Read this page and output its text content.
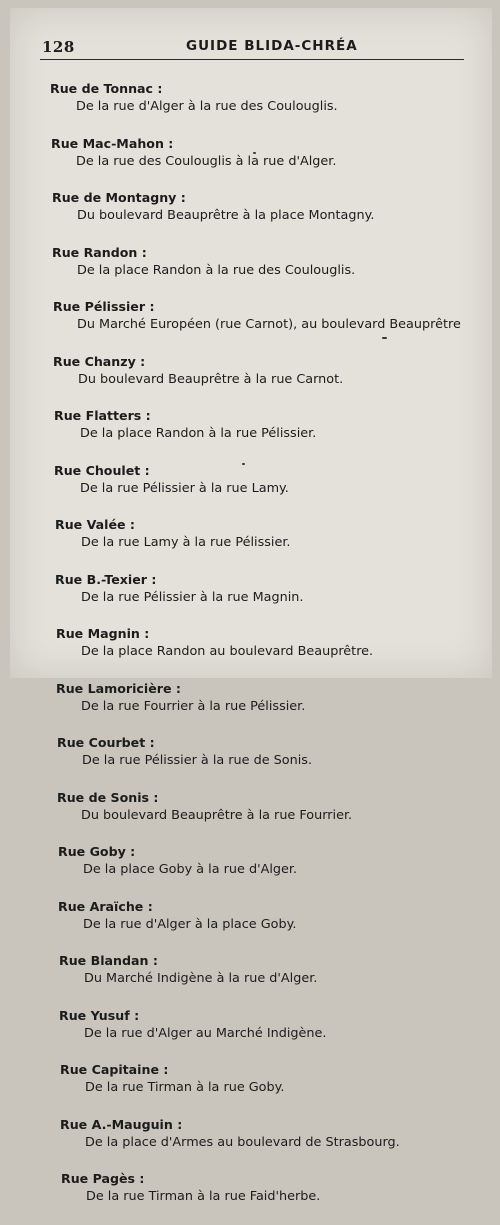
128	GUIDE BLIDA-CHRÉA
Rue de Tonnac :
De la rue d'Alger à la rue des Coulouglis.
Rue Mac-Mahon :
De la rue des Coulouglis à la rue d'Alger.
Rue de Montagny :
Du boulevard Beauprêtre à la place Montagny.
Rue Randon :
De la place Randon à la rue des Coulouglis.
Rue Pélissier :
Du Marché Européen (rue Carnot), au boulevard Beauprêtre
Rue Chanzy :
Du boulevard Beauprêtre à la rue Carnot.
Rue Flatters :
De la place Randon à la rue Pélissier.
Rue Choulet :
De la rue Pélissier à la rue Lamy.
Rue Valée :
De la rue Lamy à la rue Pélissier.
Rue B.-Texier :
De la rue Pélissier à la rue Magnin.
Rue Magnin :
De la place Randon au boulevard Beauprêtre.
Rue Lamoricière :
De la rue Fourrier à la rue Pélissier.
Rue Courbet :
De la rue Pélissier à la rue de Sonis.
Rue de Sonis :
Du boulevard Beauprêtre à la rue Fourrier.
Rue Goby :
De la place Goby à la rue d'Alger.
Rue Araïche :
De la rue d'Alger à la place Goby.
Rue Blandan :
Du Marché Indigène à la rue d'Alger.
Rue Yusuf :
De la rue d'Alger au Marché Indigène.
Rue Capitaine :
De la rue Tirman à la rue Goby.
Rue A.-Mauguin :
De la place d'Armes au boulevard de Strasbourg.
Rue Pagès :
De la rue Tirman à la rue Faid'herbe.
